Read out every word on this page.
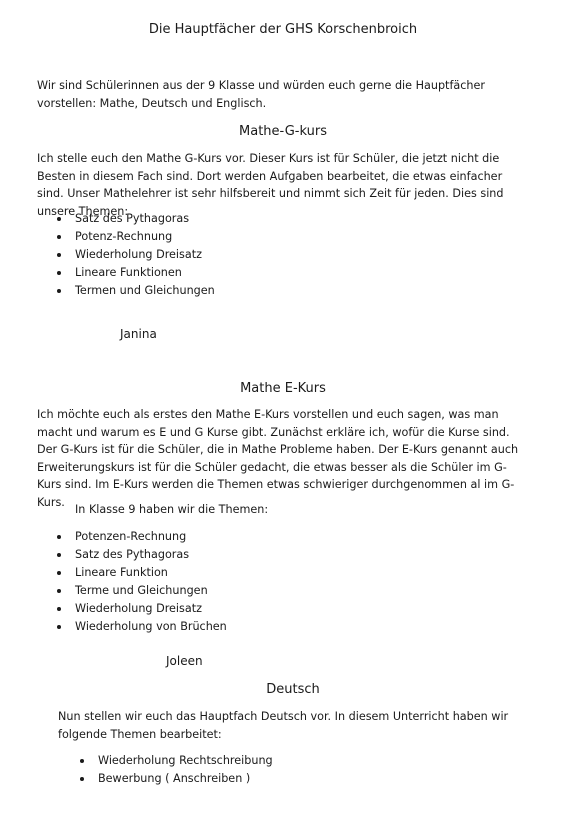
Die Hauptfächer der GHS Korschenbroich

Wir sind Schülerinnen aus der 9 Klasse und würden euch gerne die Hauptfächer vorstellen: Mathe, Deutsch und Englisch.

Mathe-G-kurs

Ich stelle euch den Mathe G-Kurs vor. Dieser Kurs ist für Schüler, die jetzt nicht die Besten in diesem Fach sind. Dort werden Aufgaben bearbeitet, die etwas einfacher sind. Unser Mathelehrer ist sehr hilfsbereit und nimmt sich Zeit für jeden. Dies sind unsere Themen:

Satz des Pythagoras
Potenz-Rechnung
Wiederholung Dreisatz
Lineare Funktionen
Termen und Gleichungen
Janina
Mathe E-Kurs

Ich möchte euch als erstes den Mathe E-Kurs vorstellen und euch sagen, was man macht und warum es E und G Kurse gibt. Zunächst erkläre ich, wofür die Kurse sind. Der G-Kurs ist für die Schüler, die in Mathe Probleme haben. Der E-Kurs genannt auch Erweiterungskurs ist für die Schüler gedacht, die etwas besser als die Schüler im G-Kurs sind. Im E-Kurs werden die Themen etwas schwieriger durchgenommen al im G-Kurs.

In Klasse 9 haben wir die Themen:

Potenzen-Rechnung
Satz des Pythagoras
Lineare Funktion
Terme und Gleichungen
Wiederholung Dreisatz
Wiederholung von Brüchen
Joleen
Deutsch

Nun stellen wir euch das Hauptfach Deutsch vor. In diesem Unterricht haben wir folgende Themen bearbeitet:

Wiederholung Rechtschreibung
Bewerbung ( Anschreiben )
